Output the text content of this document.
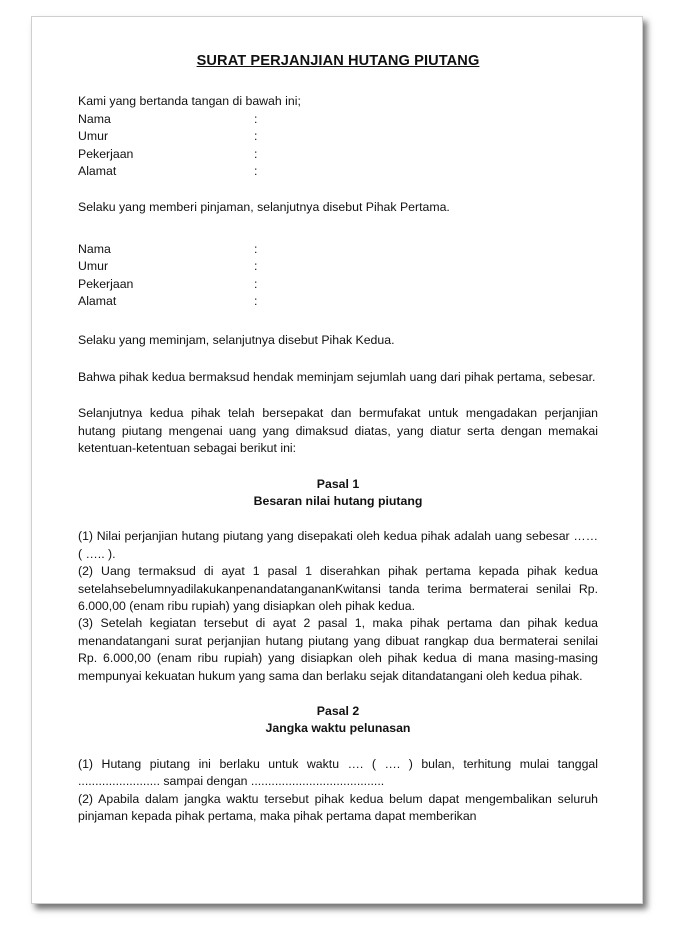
SURAT PERJANJIAN HUTANG PIUTANG

Kami yang bertanda tangan di bawah ini;

Nama	:
Umur	:
Pekerjaan	:
Alamat	:

Selaku yang memberi pinjaman, selanjutnya disebut Pihak Pertama.

Nama	:
Umur	:
Pekerjaan	:
Alamat	:

Selaku yang meminjam, selanjutnya disebut Pihak Kedua.

Bahwa pihak kedua bermaksud hendak meminjam sejumlah uang dari pihak pertama, sebesar.

Selanjutnya kedua pihak telah bersepakat dan bermufakat untuk mengadakan perjanjian hutang piutang mengenai uang yang dimaksud diatas, yang diatur serta dengan memakai ketentuan-ketentuan sebagai berikut ini:

Pasal 1

Besaran nilai hutang piutang

(1) Nilai perjanjian hutang piutang yang disepakati oleh kedua pihak adalah uang sebesar …… ( ….. ).

(2) Uang termaksud di ayat 1 pasal 1 diserahkan pihak pertama kepada pihak kedua setelahsebelumnyadilakukanpenandatangananKwitansi tanda terima bermaterai senilai Rp. 6.000,00 (enam ribu rupiah) yang disiapkan oleh pihak kedua.

(3) Setelah kegiatan tersebut di ayat 2 pasal 1, maka pihak pertama dan pihak kedua menandatangani surat perjanjian hutang piutang yang dibuat rangkap dua bermaterai senilai Rp. 6.000,00 (enam ribu rupiah) yang disiapkan oleh pihak kedua di mana masing-masing mempunyai kekuatan hukum yang sama dan berlaku sejak ditandatangani oleh kedua pihak.

Pasal 2

Jangka waktu pelunasan

(1) Hutang piutang ini berlaku untuk waktu …. ( …. ) bulan, terhitung mulai tanggal ........................ sampai dengan .......................................

(2) Apabila dalam jangka waktu tersebut pihak kedua belum dapat mengembalikan seluruh pinjaman kepada pihak pertama, maka pihak pertama dapat memberikan
